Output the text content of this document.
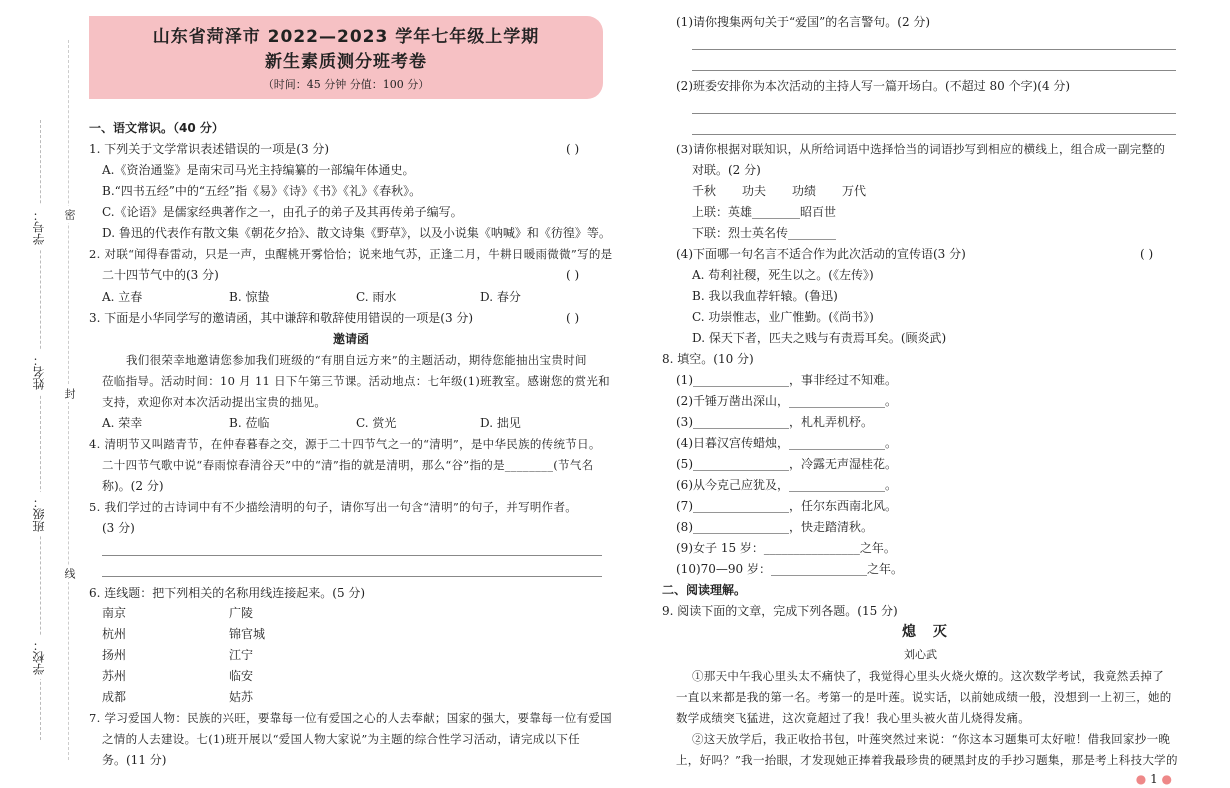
学号：
姓名：
班级：
学校：
密
封
线
山东省菏泽市 2022—2023 学年七年级上学期
新生素质测分班考卷
（时间：45 分钟 分值：100 分）
一、语文常识。（40 分）
1. 下列关于文学常识表述错误的一项是(3 分)	( )
A.《资治通鉴》是南宋司马光主持编纂的一部编年体通史。
B.“四书五经”中的“五经”指《易》《诗》《书》《礼》《春秋》。
C.《论语》是儒家经典著作之一，由孔子的弟子及其再传弟子编写。
D. 鲁迅的代表作有散文集《朝花夕拾》、散文诗集《野草》，以及小说集《呐喊》和《彷徨》等。
2. 对联“闻得春雷动，只是一声，虫醒桃开雾恰恰；说来地气苏，正逢二月，牛耕日暖雨微微”写的是
二十四节气中的(3 分)	( )
A. 立春	B. 惊蛰	C. 雨水	D. 春分
3. 下面是小华同学写的邀请函，其中谦辞和敬辞使用错误的一项是(3 分)	( )
邀请函
我们很荣幸地邀请您参加我们班级的“有朋自远方来”的主题活动，期待您能抽出宝贵时间
莅临指导。活动时间：10 月 11 日下午第三节课。活动地点：七年级(1)班教室。感谢您的赏光和
支持，欢迎你对本次活动提出宝贵的拙见。
A. 荣幸	B. 莅临	C. 赏光	D. 拙见
4. 清明节又叫踏青节，在仲春暮春之交，源于二十四节气之一的“清明”，是中华民族的传统节日。
二十四节气歌中说“春雨惊春清谷天”中的“清”指的就是清明，那么“谷”指的是________(节气名
称)。(2 分)
5. 我们学过的古诗词中有不少描绘清明的句子，请你写出一句含“清明”的句子，并写明作者。
(3 分)
6. 连线题：把下列相关的名称用线连接起来。(5 分)
南京	广陵
杭州	锦官城
扬州	江宁
苏州	临安
成都	姑苏
7. 学习爱国人物：民族的兴旺，要靠每一位有爱国之心的人去奉献；国家的强大，要靠每一位有爱国
之情的人去建设。七(1)班开展以“爱国人物大家说”为主题的综合性学习活动，请完成以下任
务。(11 分)
(1)请你搜集两句关于“爱国”的名言警句。(2 分)
(2)班委安排你为本次活动的主持人写一篇开场白。(不超过 80 个字)(4 分)
(3)请你根据对联知识，从所给词语中选择恰当的词语抄写到相应的横线上，组合成一副完整的
对联。(2 分)
千秋 功夫 功绩 万代
上联：英雄________昭百世
下联：烈士英名传________
(4)下面哪一句名言不适合作为此次活动的宣传语(3 分)	( )
A. 苟利社稷，死生以之。(《左传》)
B. 我以我血荐轩辕。(鲁迅)
C. 功崇惟志，业广惟勤。(《尚书》)
D. 保天下者，匹夫之贱与有责焉耳矣。(顾炎武)
8. 填空。(10 分)
(1)________________，事非经过不知难。
(2)千锤万凿出深山，________________。
(3)________________，札札弄机杼。
(4)日暮汉宫传蜡烛，________________。
(5)________________，冷露无声湿桂花。
(6)从今克己应犹及，________________。
(7)________________，任尔东西南北风。
(8)________________，快走踏清秋。
(9)女子 15 岁：________________之年。
(10)70—90 岁：________________之年。
二、阅读理解。
9. 阅读下面的文章，完成下列各题。(15 分)
熄 灭
刘心武
①那天中午我心里头太不痛快了，我觉得心里头火烧火燎的。这次数学考试，我竟然丢掉了
一直以来都是我的第一名。考第一的是叶莲。说实话，以前她成绩一般，没想到一上初三，她的
数学成绩突飞猛进，这次竟超过了我！我心里头被火苗儿烧得发痛。
②这天放学后，我正收拾书包，叶莲突然过来说：“你这本习题集可太好啦！借我回家抄一晚
上，好吗？”我一抬眼，才发现她正捧着我最珍贵的硬黑封皮的手抄习题集，那是考上科技大学的
● 1 ●
